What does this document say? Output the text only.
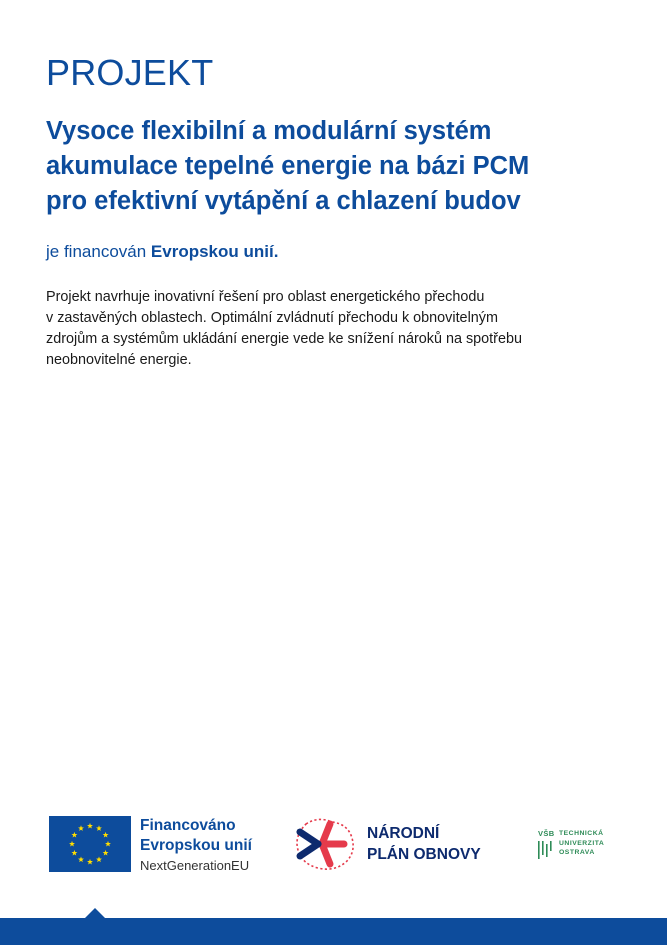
PROJEKT
Vysoce flexibilní a modulární systém
akumulace tepelné energie na bázi PCM
pro efektivní vytápění a chlazení budov
je financován Evropskou unií.

Projekt navrhuje inovativní řešení pro oblast energetického přechodu
v zastavěných oblastech. Optimální zvládnutí přechodu k obnovitelným
zdrojům a systémům ukládání energie vede ke snížení nároků na spotřebu
neobnovitelné energie.

Financováno
Evropskou unií
NextGenerationEU
NÁRODNÍ
PLÁN OBNOVY
VŠB TECHNICKÁ
UNIVERZITA
OSTRAVA
